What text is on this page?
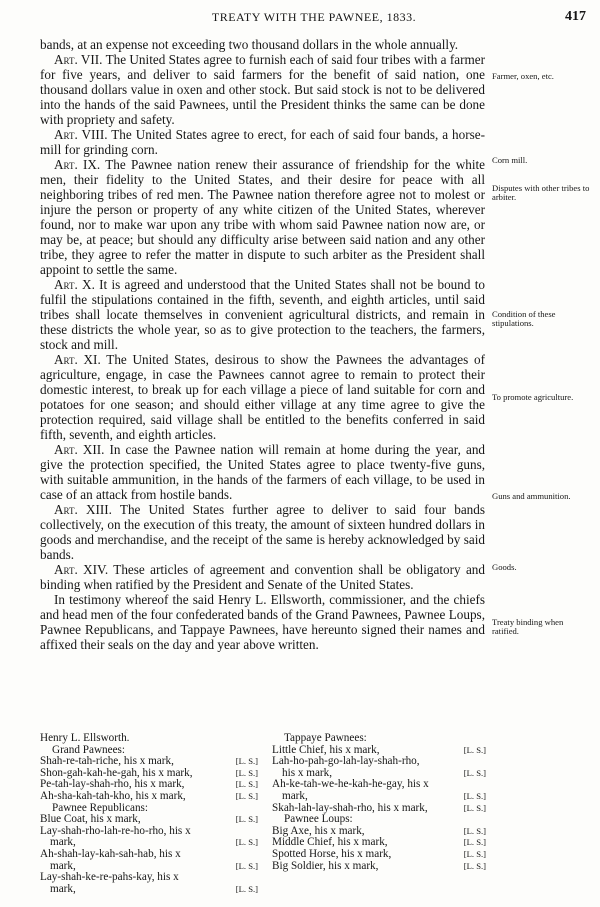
TREATY WITH THE PAWNEE, 1833.	417

bands, at an expense not exceeding two thousand dollars in the whole annually.

Art. VII. The United States agree to furnish each of said four tribes with a farmer for five years, and deliver to said farmers for the benefit of said nation, one thousand dollars value in oxen and other stock. But said stock is not to be delivered into the hands of the said Pawnees, until the President thinks the same can be done with propriety and safety.

Art. VIII. The United States agree to erect, for each of said four bands, a horse-mill for grinding corn.

Art. IX. The Pawnee nation renew their assurance of friendship for the white men, their fidelity to the United States, and their desire for peace with all neighboring tribes of red men. The Pawnee nation therefore agree not to molest or injure the person or property of any white citizen of the United States, wherever found, nor to make war upon any tribe with whom said Pawnee nation now are, or may be, at peace; but should any difficulty arise between said nation and any other tribe, they agree to refer the matter in dispute to such arbiter as the President shall appoint to settle the same.

Art. X. It is agreed and understood that the United States shall not be bound to fulfil the stipulations contained in the fifth, seventh, and eighth articles, until said tribes shall locate themselves in convenient agricultural districts, and remain in these districts the whole year, so as to give protection to the teachers, the farmers, stock and mill.

Art. XI. The United States, desirous to show the Pawnees the advantages of agriculture, engage, in case the Pawnees cannot agree to remain to protect their domestic interest, to break up for each village a piece of land suitable for corn and potatoes for one season; and should either village at any time agree to give the protection required, said village shall be entitled to the benefits conferred in said fifth, seventh, and eighth articles.

Art. XII. In case the Pawnee nation will remain at home during the year, and give the protection specified, the United States agree to place twenty-five guns, with suitable ammunition, in the hands of the farmers of each village, to be used in case of an attack from hostile bands.

Art. XIII. The United States further agree to deliver to said four bands collectively, on the execution of this treaty, the amount of sixteen hundred dollars in goods and merchandise, and the receipt of the same is hereby acknowledged by said bands.

Art. XIV. These articles of agreement and convention shall be obligatory and binding when ratified by the President and Senate of the United States.

In testimony whereof the said Henry L. Ellsworth, commissioner, and the chiefs and head men of the four confederated bands of the Grand Pawnees, Pawnee Loups, Pawnee Republicans, and Tappaye Pawnees, have hereunto signed their names and affixed their seals on the day and year above written.

Farmer, oxen, etc.
Corn mill.
Disputes with other tribes to arbiter.
Condition of these stipulations.
To promote agriculture.
Guns and ammunition.
Goods.
Treaty binding when ratified.
Henry L. Ellsworth.
Grand Pawnees:
Shah-re-tah-riche, his x mark,	[L. S.]
Shon-gah-kah-he-gah, his x mark,	[L. S.]
Pe-tah-lay-shah-rho, his x mark,	[L. S.]
Ah-sha-kah-tah-kho, his x mark,	[L. S.]
Pawnee Republicans:
Blue Coat, his x mark,	[L. S.]
Lay-shah-rho-lah-re-ho-rho, his x
mark,	[L. S.]
Ah-shah-lay-kah-sah-hab, his x
mark,	[L. S.]
Lay-shah-ke-re-pahs-kay, his x
mark,	[L. S.]
Tappaye Pawnees:
Little Chief, his x mark,	[L. S.]
Lah-ho-pah-go-lah-lay-shah-rho,
his x mark,	[L. S.]
Ah-ke-tah-we-he-kah-he-gay, his x
mark,	[L. S.]
Skah-lah-lay-shah-rho, his x mark,	[L. S.]
Pawnee Loups:
Big Axe, his x mark,	[L. S.]
Middle Chief, his x mark,	[L. S.]
Spotted Horse, his x mark,	[L. S.]
Big Soldier, his x mark,	[L. S.]
